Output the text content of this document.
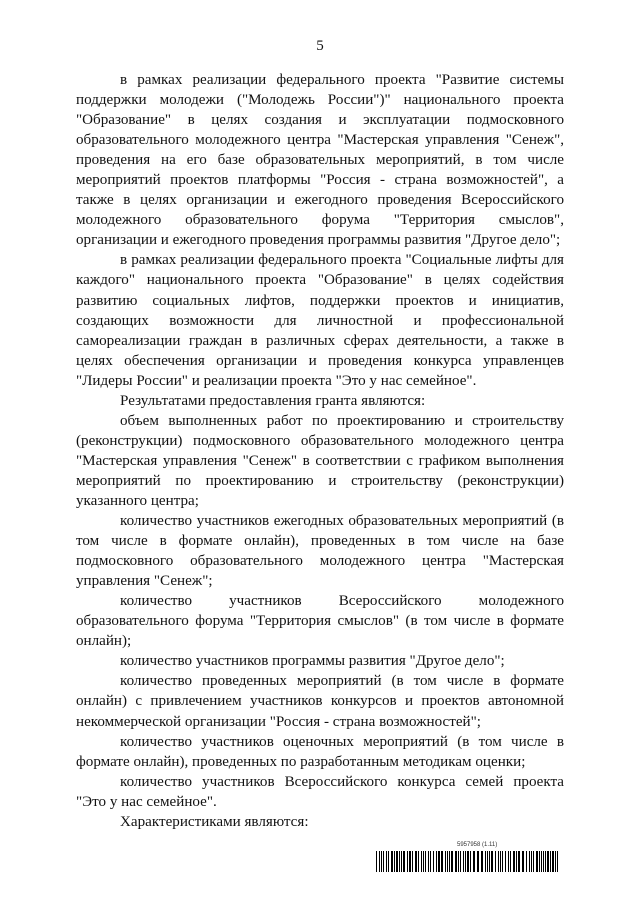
5

в рамках реализации федерального проекта "Развитие системы поддержки молодежи ("Молодежь России")" национального проекта "Образование" в целях создания и эксплуатации подмосковного образовательного молодежного центра "Мастерская управления "Сенеж", проведения на его базе образовательных мероприятий, в том числе мероприятий проектов платформы "Россия - страна возможностей", а также в целях организации и ежегодного проведения Всероссийского молодежного образовательного форума "Территория смыслов", организации и ежегодного проведения программы развития "Другое дело";

в рамках реализации федерального проекта "Социальные лифты для каждого" национального проекта "Образование" в целях содействия развитию социальных лифтов, поддержки проектов и инициатив, создающих возможности для личностной и профессиональной самореализации граждан в различных сферах деятельности, а также в целях обеспечения организации и проведения конкурса управленцев "Лидеры России" и реализации проекта "Это у нас семейное".

Результатами предоставления гранта являются:

объем выполненных работ по проектированию и строительству (реконструкции) подмосковного образовательного молодежного центра "Мастерская управления "Сенеж" в соответствии с графиком выполнения мероприятий по проектированию и строительству (реконструкции) указанного центра;

количество участников ежегодных образовательных мероприятий (в том числе в формате онлайн), проведенных в том числе на базе подмосковного образовательного молодежного центра "Мастерская управления "Сенеж";

количество участников Всероссийского молодежного образовательного форума "Территория смыслов" (в том числе в формате онлайн);

количество участников программы развития "Другое дело";

количество проведенных мероприятий (в том числе в формате онлайн) с привлечением участников конкурсов и проектов автономной некоммерческой организации "Россия - страна возможностей";

количество участников оценочных мероприятий (в том числе в формате онлайн), проведенных по разработанным методикам оценки;

количество участников Всероссийского конкурса семей проекта "Это у нас семейное".

Характеристиками являются:

5957958 (1.11)
